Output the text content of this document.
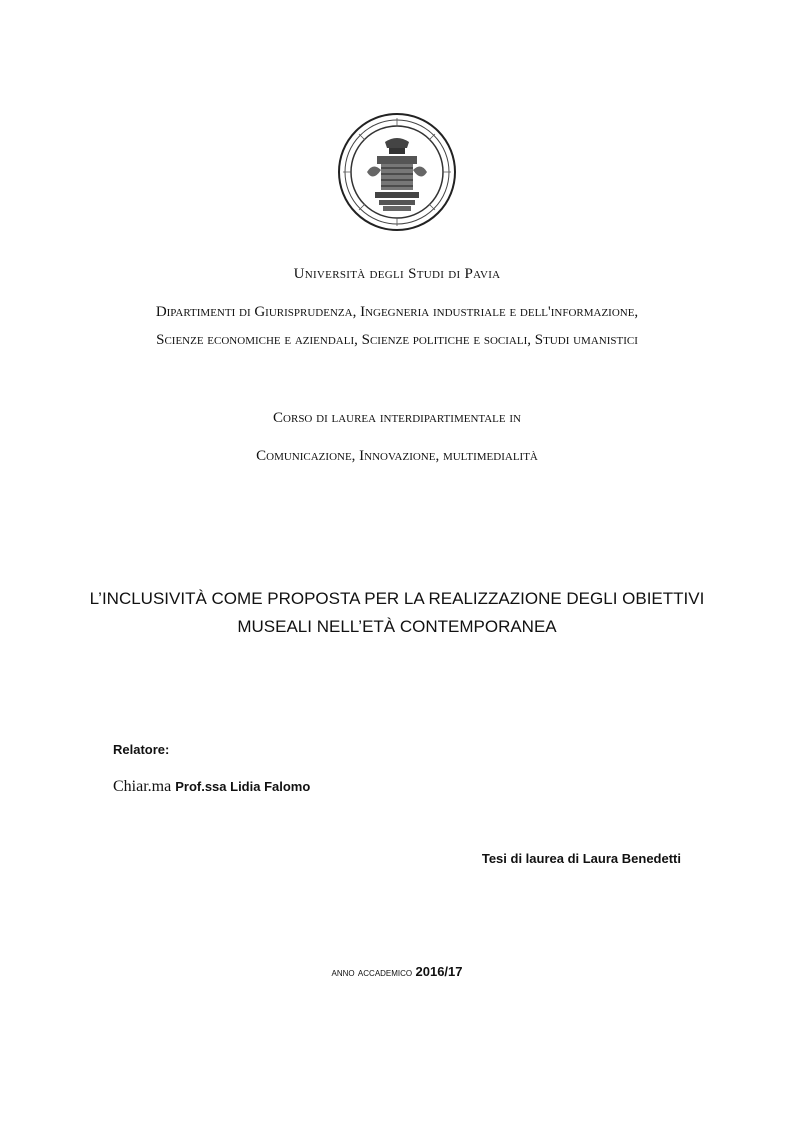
Università degli Studi di Pavia
Dipartimenti di Giurisprudenza, Ingegneria industriale e dell'informazione,
Scienze economiche e aziendali, Scienze politiche e sociali, Studi umanistici
Corso di laurea interdipartimentale in
Comunicazione, Innovazione, multimedialità
L’INCLUSIVITÀ COME PROPOSTA PER LA REALIZZAZIONE DEGLI OBIETTIVI
MUSEALI NELL’ETÀ CONTEMPORANEA
Relatore:
Chiar.ma Prof.ssa Lidia Falomo
Tesi di laurea di Laura Benedetti
anno accademico 2016/17
